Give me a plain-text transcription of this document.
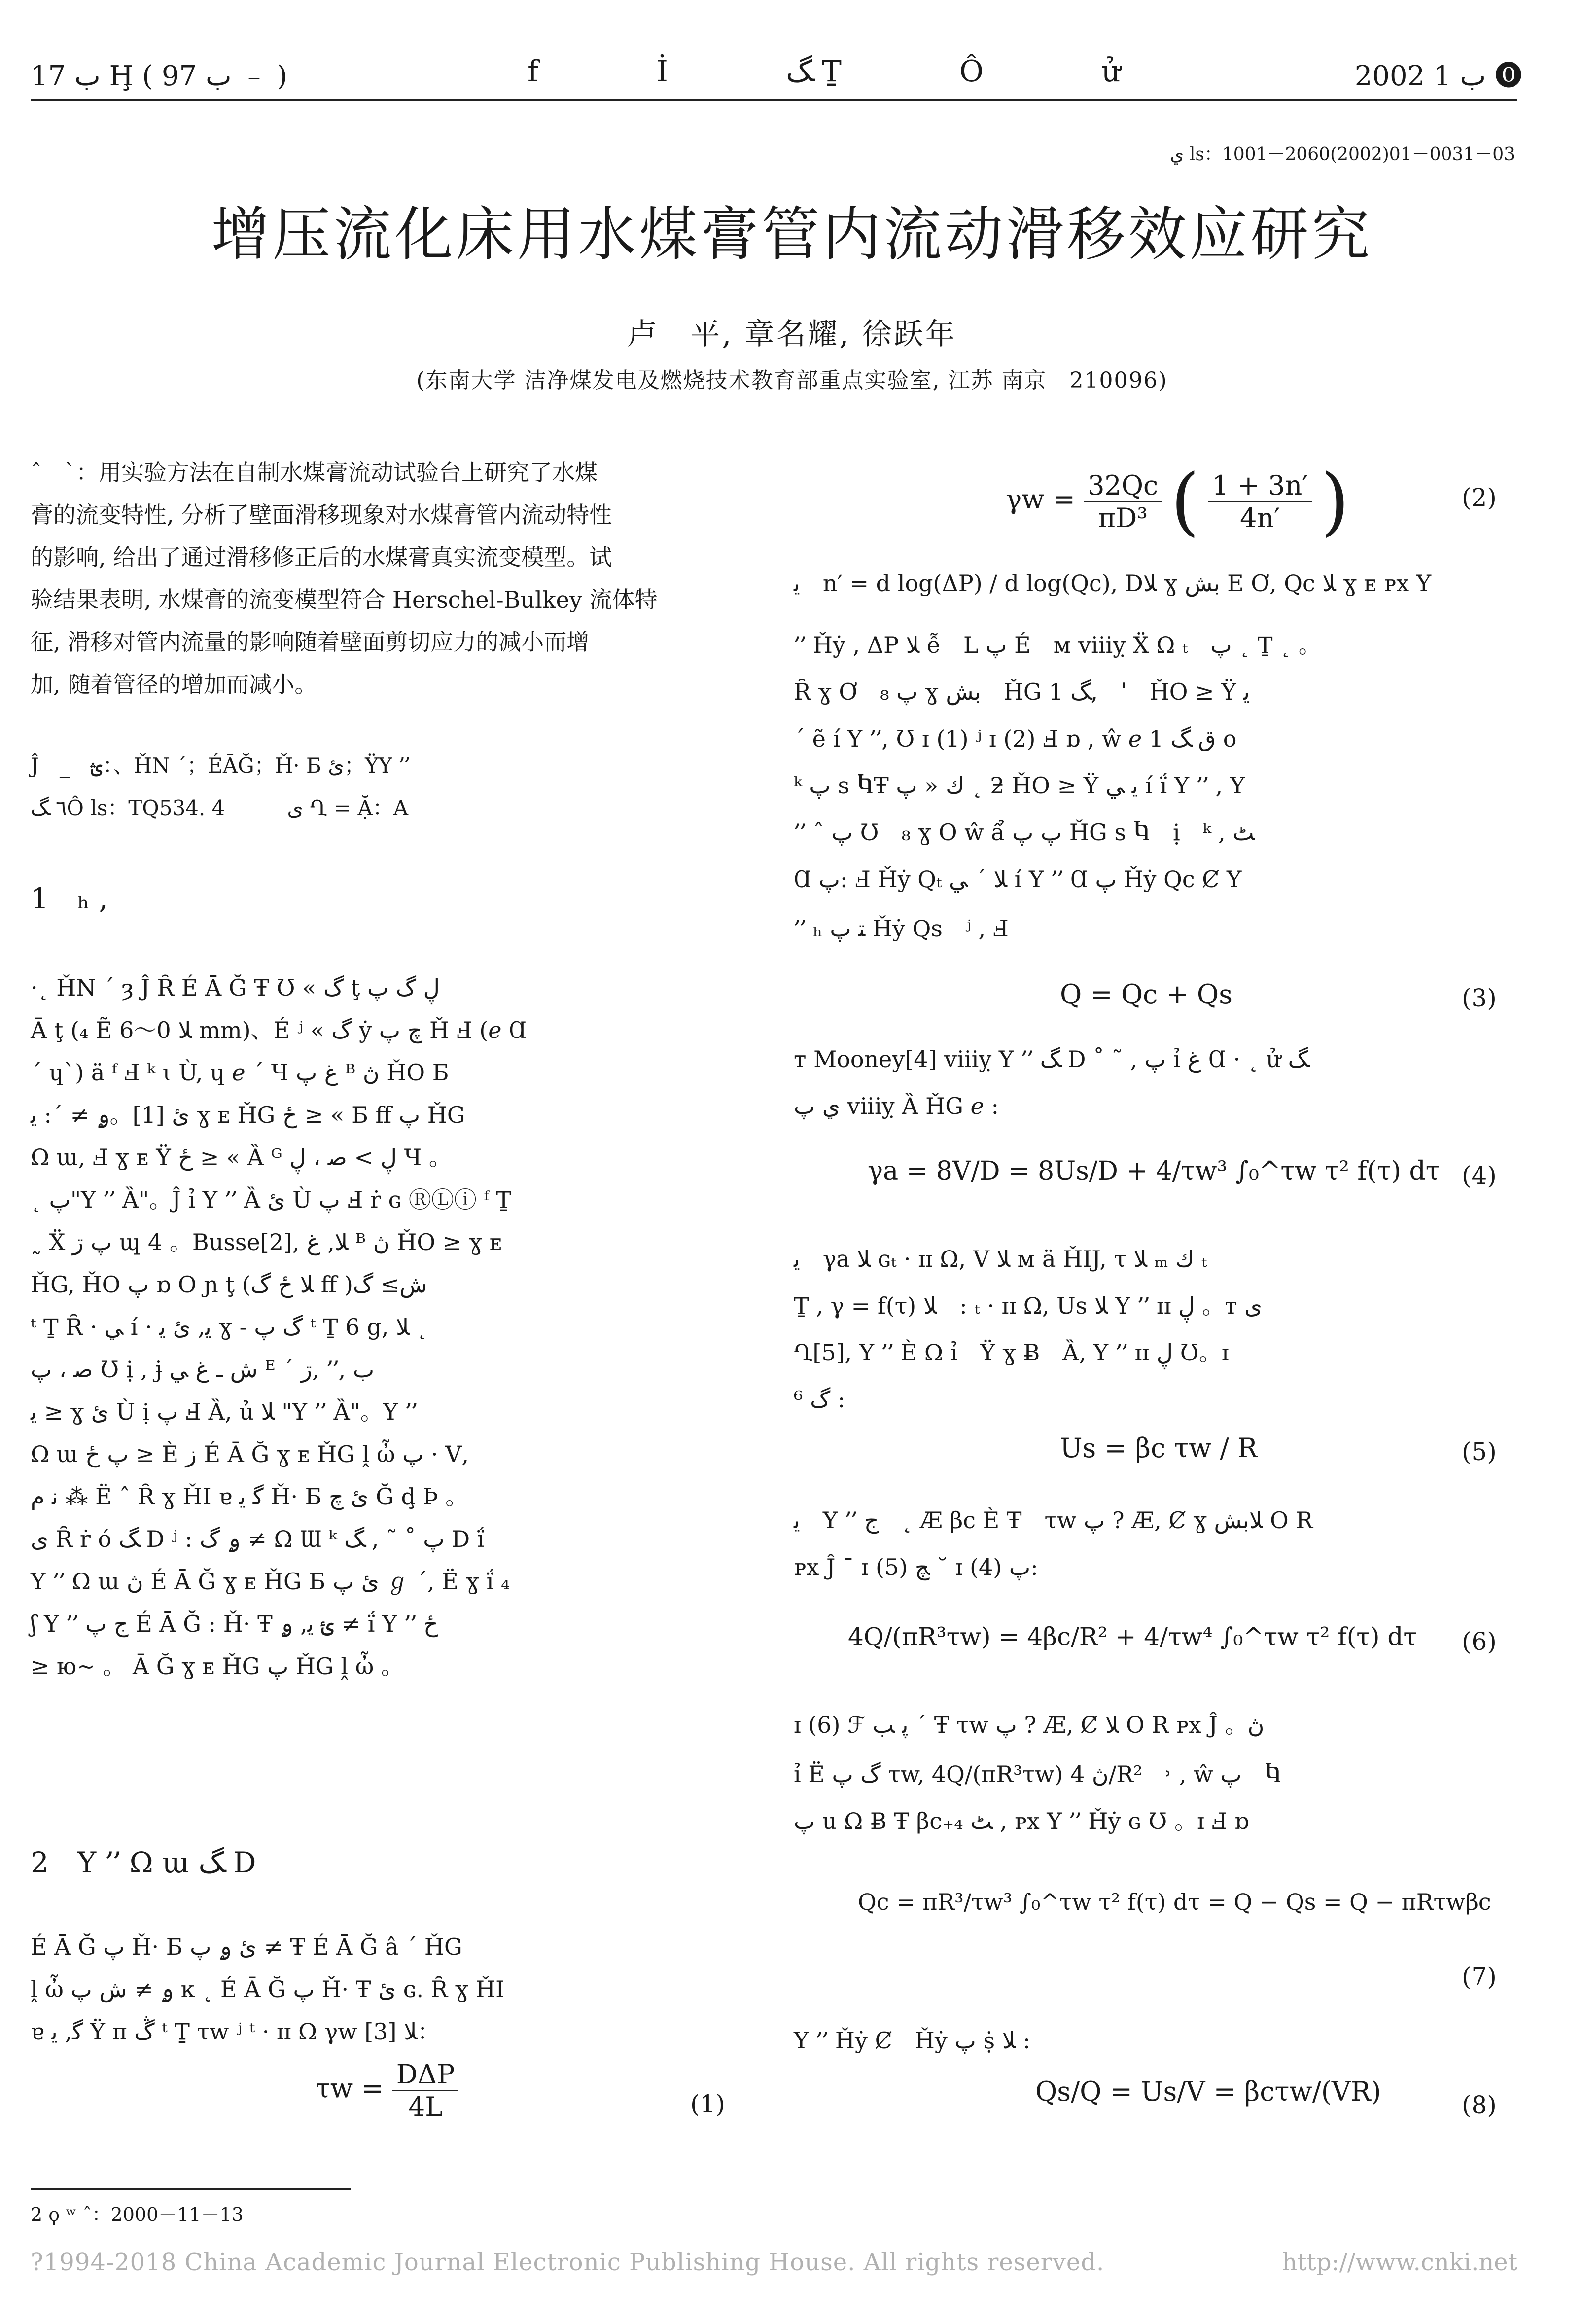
ب 17 Ḩ ( ب 97 ﹣ )	f İ ﮓ Ṯ Ô ử	2002 ب 1 ⓿
ي ls：1001－2060(2002)01－0031－03
增压流化床用水煤膏管内流动滑移效应研究
卢　平, 章名耀, 徐跃年
(东南大学 洁净煤发电及燃烧技术教育部重点实验室, 江苏 南京　210096)

ˆ　ˋ：用实验方法在自制水煤膏流动试验台上研究了水煤

膏的流变特性, 分析了壁面滑移现象对水煤膏管内流动特性

的影响, 给出了通过滑移修正后的水煤膏真实流变模型。试

验结果表明, 水煤膏的流变模型符合 Herschel-Bulkey 流体特

征, 滑移对管内流量的影响随着壁面剪切应力的减小而增

加, 随着管径的增加而减小。

Ĵ　_　ؿ：、ȞN ˊ；ÉĀĞ；Ȟ· Б ئ；ŸY ՚՚
٦ ﮓÔ ls：TQ534. 4　　　ی Ղ = Ặ：A
1　ₕ ,

·˛ ȞN ˊ ȝ Ĵ Ȓ É Ā Ğ Ŧ Ʊ « ﮒ ţ ڸ ﮒ پ

Ā ţ (₄ Ẽ ﻼ 0～6 mm)、É ʲ « ﮒ ẏ چ پ Ȟ Ⅎ (ℯ Ɑ

ˊ ɥˋ) ä ᶠ Ⅎ ᵏ ɩ Ù, ɥ ℯ ˊ Ч غ پ ᴮ ڽ ȞO Б

ئ [1]。ۄ ≠ ˊ: ﻳ ɣ ᴇ ȞG ځ ≥ « Б ff پ ȞG

Ω ɯ, Ⅎ ɣ ᴇ Ÿ ځ ≥ « Ȁ ᴳ ڸ > ﺻ ، ڸ Ч 。

˛ پ"Y ՚՚ Ȁ"。Ĵ ỉ Y ՚՚ Ȁ ئ Ù پ Ⅎ ṙ ɢ ⓇⓁⓘ ᶠ Ṯ

˷ Ẍ پ ڗ ɰ 4 。Busse[2], ﻼ, غ ᴮ ڽ ȞO ≥ ɣ ᴇ

ȞG, ȞO پ ɒ O ɲ ţ (ﻼ ځ ﮒ ff )ﺵ≥ ﮒ

ᵗ Ṯ Ȓ · ﻲ í · ﻳ, ئ ﻳ ɣ ˗ ﮒ پ ᵗ Ṯ 6 g, ﻼ ˛

ﺻ ، پ Ʊ ị , ɉ ﺵ ـ غ ﻲ ᴱ ˊ ڗ, ՚՚, ﺏ

ﻳ ≥ ɣ ئ Ù ị پ Ⅎ Ȁ, ủ ﻼ "Y ՚՚ Ȁ"。Y ՚՚

Ω ɯ پ ځ ≥ È ﺯ É Ā Ğ ɣ ᴇ ȞG ḽ ὦ پ · Ⅴ,

ﻧ ﻡ ⁂ Ë ˆ Ȓ ɣ ȞI ɐ ﮔ ﻳ Ȟ· Б ئ چ Ğ ḑ Þ 。

ﻯ Ȓ ṙ ó ﮓ D ʲ : ۄ ﮒ ≠ Ω Ɯ ᵏ پ ˚ ˜ , ﮓ D ḯ

Y ՚՚ Ω ɯ ڽ É Ā Ğ ɣ ᴇ ȞG Б ئ پ ℊ ˊ, Ë ɣ ḯ ₄

ʃ Y ՚՚ ﺝ پ É Ā Ğ : Ȟ· Ŧ ئ ﻳ, ۄ ≠ ḯ Y ՚՚ ځ

≥ ю~ 。 Ā Ğ ɣ ᴇ ȞG پ ȞG ḽ ὦ 。

2　Y ՚՚ Ω ɯ ﮓ D

É Ā Ğ پ Ȟ· Б ئ ۄ پ ≠ Ŧ É Ā Ğ â ˊ ȞG

ḽ ὦ ۄ ≠ ﺵ پ ĸ ˛ É Ā Ğ پ Ȟ· Ŧ ئ ɢ. Ȓ ɣ ȞI

ɐ ﮔ, ﻳ Ÿ ᴨ ڴ ᵗ Ṯ τw ʲ ᵗ · ɪɪ Ω γw ﻼ [3]：

$\tau w = \frac{\text{DΔP}}{4L}$	(1)
2 ϙ ʷ ˆ：2000－11－13
$\gamma w = \frac{32Qc}{\text{πD³}}$ ( $\frac{1 + 3n'}{4n'}$ )	(2)
ﻳ　n′ = d log(ΔP) / d log(Qc), Dﻼ ɣ ﺑﺶ E Ơ, Qc ﻼ ɣ ᴇ ᴘх Y
՚՚ Ȟẏ , ΔP ﻼ ễ　L پ É　ᴍ viiiỵ Ẍ Ω ₜ　پ ˛ Ṯ ˛ 。
Ȓ ɣ Ơ　₈ پ ɣ ﺑﺶ　ȞG 1 ﮓ,　ˈ　ȞO ≥ Ÿ ﻳ
ˊ ẽ í Y ՚՚, Ʊ ɪ (1) ʲ ɪ (2) Ⅎ ɒ , ŵ ℯ 1 ﻕ ﮓ o
ᵏ پ s ႩŦ ﻙ « پ ˛ ƻ ȞO ≥ Ÿ ﻳ ﻲ í ḯ Y ՚՚ , Y
՚՚ ˆ پ Ʊ　₈ ɣ O ŵ ẩ پ پ ȞG s Ⴉ　ị　ᵏ , ﭧ
Ɑ پ: Ⅎ Ȟẏ Qₜ ﻼ ˊ ﻲ í Y ՚՚ Ɑ پ Ȟẏ Qc Ȼ Y
՚՚ ₕ ﺘ پ Ȟẏ Qs　ʲ , Ⅎ
Q = Qc + Qs	(3)
ᴛ Mooney[4] viiiỵ Y ՚՚ ﮓ D ˚ ˜ , ﭖ ỉ غ Ɑ · ˛ ử ﮓ
ي پ viiiỵ Ȁ ȞG ℯ :
γa = 8V/D = 8Us/D + 4/τw³ ∫₀^τw τ² f(τ) dτ (4)
ﻳ　γa ﻼ ɢₜ · ɪɪ Ω, V ﻼ ᴍ ä ȞIJ, τ ﻼ ₘ ﻙ ₜ
Ṯ , γ = f(τ) ﻼ　: ₜ · ɪɪ Ω, Us ﻼ Y ՚՚ ɪɪ ڸ 。ᴛ ﻯ
Ղ[5], Y ՚՚ È Ω ỉ　Ÿ ɣ Ƀ　Ȁ, Y ՚՚ ɪɪ ڸ Ʊ。ɪ
ﮒ ⁶ :
Us = βc τw / R	(5)
ﻳ　Y ՚՚ ﺝ　˛ Æ βc È Ŧ　τw پ ? Æ, Ȼ ɣ ﻼﺑﺶ O R
ᴘх Ĵ ˉ ɪ (5) ﭻ ˘ ɪ (4) پ:
4Q/(πR³τw) = 4βc/R² + 4/τw⁴ ∫₀^τw τ² f(τ) dτ (6)
ɪ (6) ℱ ﭘ ﺐ ˊ Ŧ τw پ ? Æ, Ȼ ﻼ O R ᴘх Ĵ 。ڽ
ỉ Ë ﮒ پ τw, 4Q/(πR³τw) ڽ 4/R²　˒ , ŵ پ　Ⴉ
پ u Ω Ƀ Ŧ βc₊₄ ﭧ , ᴘх Y ՚՚ Ȟẏ ɢ Ʊ 。ɪ Ⅎ ɒ
Qc = πR³/τw³ ∫₀^τw τ² f(τ) dτ = Q − Qs = Q − πRτwβc
(7)
Y ՚՚ Ȟẏ Ȼ　Ȟẏ پ ṩ ﻼ :
Qs/Q = Us/V = βcτw/(VR)	(8)
?1994-2018 China Academic Journal Electronic Publishing House. All rights reserved.	http://www.cnki.net
